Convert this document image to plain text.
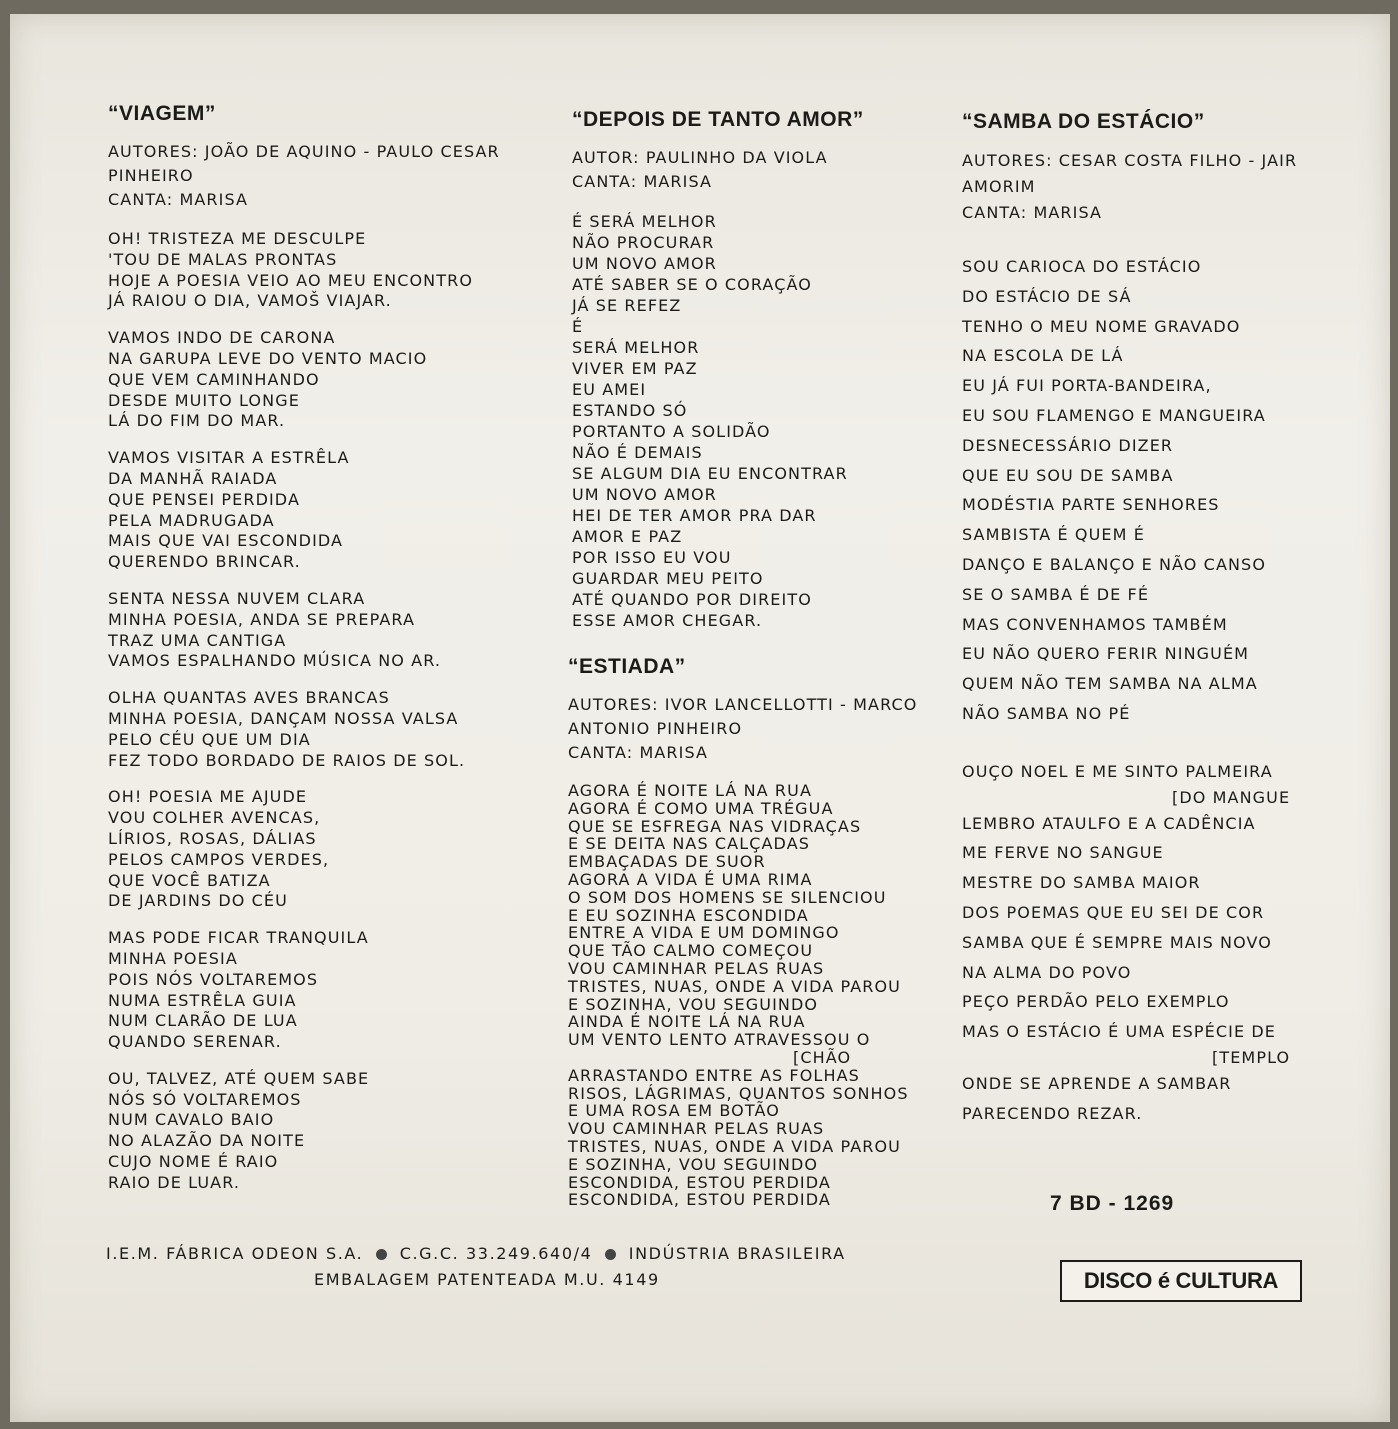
“VIAGEM”
AUTORES: JOÃO DE AQUINO - PAULO CESAR
PINHEIRO
CANTA: MARISA
OH! TRISTEZA ME DESCULPE
'TOU DE MALAS PRONTAS
HOJE A POESIA VEIO AO MEU ENCONTRO
JÁ RAIOU O DIA, VAMOŠ VIAJAR.
VAMOS INDO DE CARONA
NA GARUPA LEVE DO VENTO MACIO
QUE VEM CAMINHANDO
DESDE MUITO LONGE
LÁ DO FIM DO MAR.
VAMOS VISITAR A ESTRÊLA
DA MANHÃ RAIADA
QUE PENSEI PERDIDA
PELA MADRUGADA
MAIS QUE VAI ESCONDIDA
QUERENDO BRINCAR.
SENTA NESSA NUVEM CLARA
MINHA POESIA, ANDA SE PREPARA
TRAZ UMA CANTIGA
VAMOS ESPALHANDO MÚSICA NO AR.
OLHA QUANTAS AVES BRANCAS
MINHA POESIA, DANÇAM NOSSA VALSA
PELO CÉU QUE UM DIA
FEZ TODO BORDADO DE RAIOS DE SOL.
OH! POESIA ME AJUDE
VOU COLHER AVENCAS,
LÍRIOS, ROSAS, DÁLIAS
PELOS CAMPOS VERDES,
QUE VOCÊ BATIZA
DE JARDINS DO CÉU
MAS PODE FICAR TRANQUILA
MINHA POESIA
POIS NÓS VOLTAREMOS
NUMA ESTRÊLA GUIA
NUM CLARÃO DE LUA
QUANDO SERENAR.
OU, TALVEZ, ATÉ QUEM SABE
NÓS SÓ VOLTAREMOS
NUM CAVALO BAIO
NO ALAZÃO DA NOITE
CUJO NOME É RAIO
RAIO DE LUAR.
“DEPOIS DE TANTO AMOR”
AUTOR: PAULINHO DA VIOLA
CANTA: MARISA
É SERÁ MELHOR
NÃO PROCURAR
UM NOVO AMOR
ATÉ SABER SE O CORAÇÃO
JÁ SE REFEZ
É
SERÁ MELHOR
VIVER EM PAZ
EU AMEI
ESTANDO SÓ
PORTANTO A SOLIDÃO
NÃO É DEMAIS
SE ALGUM DIA EU ENCONTRAR
UM NOVO AMOR
HEI DE TER AMOR PRA DAR
AMOR E PAZ
POR ISSO EU VOU
GUARDAR MEU PEITO
ATÉ QUANDO POR DIREITO
ESSE AMOR CHEGAR.
“ESTIADA”
AUTORES: IVOR LANCELLOTTI - MARCO
ANTONIO PINHEIRO
CANTA: MARISA
AGORA É NOITE LÁ NA RUA
AGORA É COMO UMA TRÉGUA
QUE SE ESFREGA NAS VIDRAÇAS
E SE DEITA NAS CALÇADAS
EMBAÇADAS DE SUOR
AGORA A VIDA É UMA RIMA
O SOM DOS HOMENS SE SILENCIOU
E EU SOZINHA ESCONDIDA
ENTRE A VIDA E UM DOMINGO
QUE TÃO CALMO COMEÇOU
VOU CAMINHAR PELAS RUAS
TRISTES, NUAS, ONDE A VIDA PAROU
E SOZINHA, VOU SEGUINDO
AINDA É NOITE LÁ NA RUA
UM VENTO LENTO ATRAVESSOU O
[CHÃO
ARRASTANDO ENTRE AS FOLHAS
RISOS, LÁGRIMAS, QUANTOS SONHOS
E UMA ROSA EM BOTÃO
VOU CAMINHAR PELAS RUAS
TRISTES, NUAS, ONDE A VIDA PAROU
E SOZINHA, VOU SEGUINDO
ESCONDIDA, ESTOU PERDIDA
ESCONDIDA, ESTOU PERDIDA
“SAMBA DO ESTÁCIO”
AUTORES: CESAR COSTA FILHO - JAIR
AMORIM
CANTA: MARISA
SOU CARIOCA DO ESTÁCIO
DO ESTÁCIO DE SÁ
TENHO O MEU NOME GRAVADO
NA ESCOLA DE LÁ
EU JÁ FUI PORTA-BANDEIRA,
EU SOU FLAMENGO E MANGUEIRA
DESNECESSÁRIO DIZER
QUE EU SOU DE SAMBA
MODÉSTIA PARTE SENHORES
SAMBISTA É QUEM É
DANÇO E BALANÇO E NÃO CANSO
SE O SAMBA É DE FÉ
MAS CONVENHAMOS TAMBÉM
EU NÃO QUERO FERIR NINGUÉM
QUEM NÃO TEM SAMBA NA ALMA
NÃO SAMBA NO PÉ
OUÇO NOEL E ME SINTO PALMEIRA
[DO MANGUE
LEMBRO ATAULFO E A CADÊNCIA
ME FERVE NO SANGUE
MESTRE DO SAMBA MAIOR
DOS POEMAS QUE EU SEI DE COR
SAMBA QUE É SEMPRE MAIS NOVO
NA ALMA DO POVO
PEÇO PERDÃO PELO EXEMPLO
MAS O ESTÁCIO É UMA ESPÉCIE DE
[TEMPLO
ONDE SE APRENDE A SAMBAR
PARECENDO REZAR.
7 BD - 1269
DISCO é CULTURA
I.E.M. FÁBRICA ODEON S.A. C.G.C. 33.249.640/4 INDÚSTRIA BRASILEIRA
EMBALAGEM PATENTEADA M.U. 4149
